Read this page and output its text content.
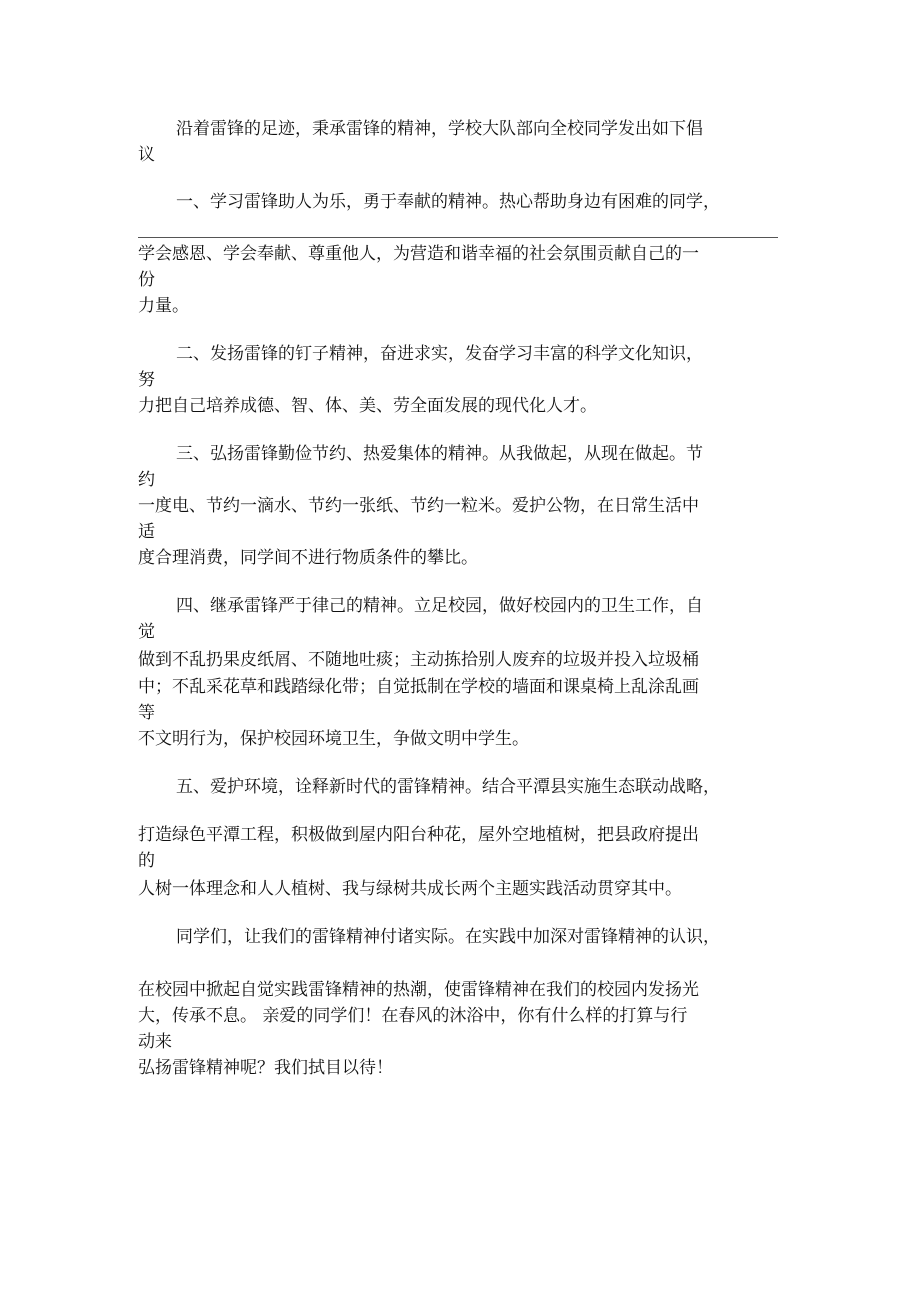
沿着雷锋的足迹，秉承雷锋的精神，学校大队部向全校同学发出如下倡

议

一、学习雷锋助人为乐，勇于奉献的精神。热心帮助身边有困难的同学，

学会感恩、学会奉献、尊重他人，为营造和谐幸福的社会氛围贡献自己的一

份

力量。

二、发扬雷锋的钉子精神，奋进求实，发奋学习丰富的科学文化知识，

努

力把自己培养成德、智、体、美、劳全面发展的现代化人才。

三、弘扬雷锋勤俭节约、热爱集体的精神。从我做起，从现在做起。节

约

一度电、节约一滴水、节约一张纸、节约一粒米。爱护公物，在日常生活中

适

度合理消费，同学间不进行物质条件的攀比。

四、继承雷锋严于律己的精神。立足校园，做好校园内的卫生工作，自

觉

做到不乱扔果皮纸屑、不随地吐痰；主动拣拾别人废弃的垃圾并投入垃圾桶

中；不乱采花草和践踏绿化带；自觉抵制在学校的墙面和课桌椅上乱涂乱画

等

不文明行为，保护校园环境卫生，争做文明中学生。

五、爱护环境，诠释新时代的雷锋精神。结合平潭县实施生态联动战略，

打造绿色平潭工程，积极做到屋内阳台种花，屋外空地植树，把县政府提出

的

人树一体理念和人人植树、我与绿树共成长两个主题实践活动贯穿其中。

同学们，让我们的雷锋精神付诸实际。在实践中加深对雷锋精神的认识，

在校园中掀起自觉实践雷锋精神的热潮，使雷锋精神在我们的校园内发扬光

大，传承不息。 亲爱的同学们！在春风的沐浴中，你有什么样的打算与行

动来

弘扬雷锋精神呢？我们拭目以待！
